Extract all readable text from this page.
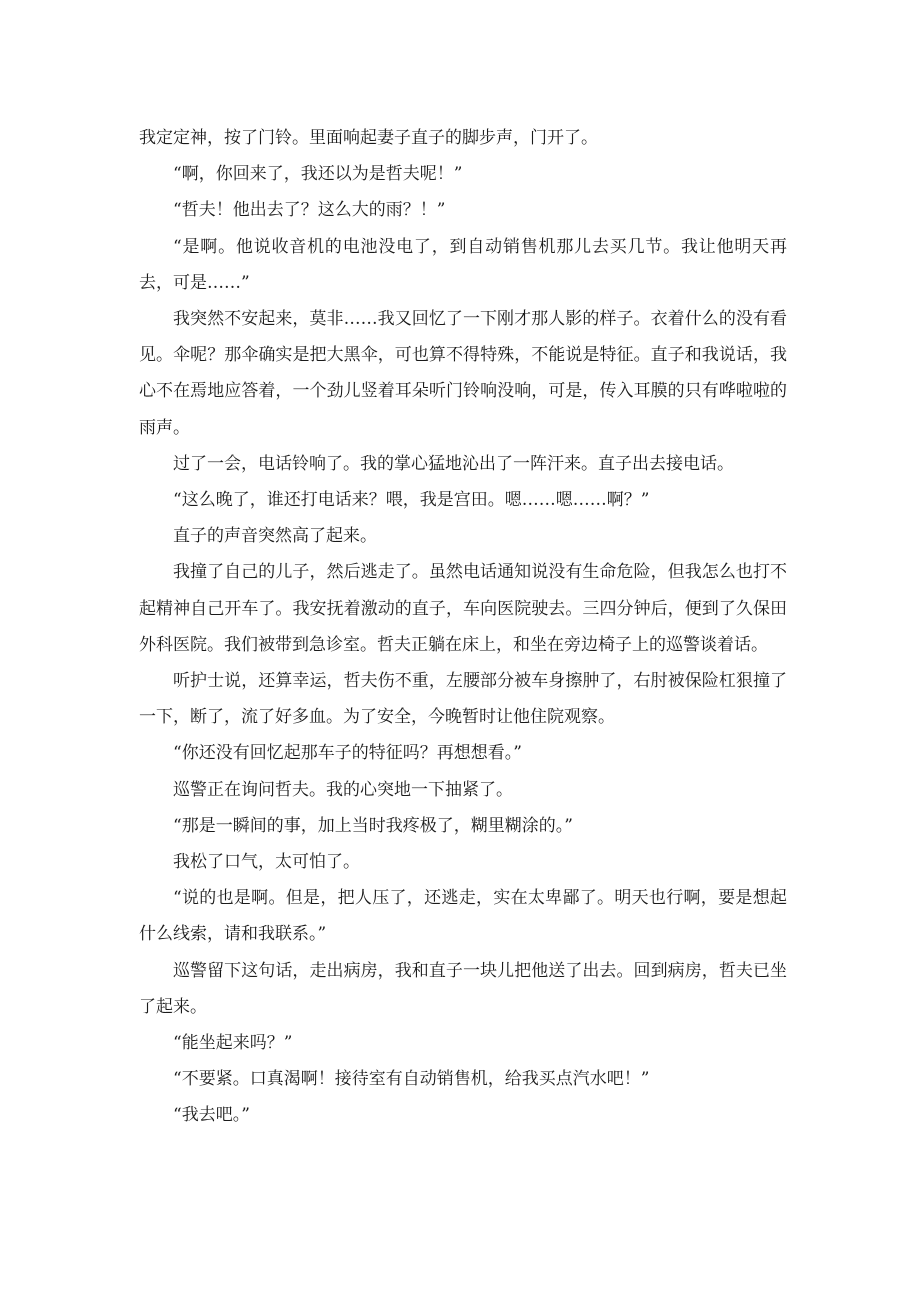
我定定神，按了门铃。里面响起妻子直子的脚步声，门开了。

“啊，你回来了，我还以为是哲夫呢！”

“哲夫！他出去了？这么大的雨？！”

“是啊。他说收音机的电池没电了，到自动销售机那儿去买几节。我让他明天再去，可是……”

我突然不安起来，莫非……我又回忆了一下刚才那人影的样子。衣着什么的没有看见。伞呢？那伞确实是把大黑伞，可也算不得特殊，不能说是特征。直子和我说话，我心不在焉地应答着，一个劲儿竖着耳朵听门铃响没响，可是，传入耳膜的只有哗啦啦的雨声。

过了一会，电话铃响了。我的掌心猛地沁出了一阵汗来。直子出去接电话。

“这么晚了，谁还打电话来？喂，我是宫田。嗯……嗯……啊？”

直子的声音突然高了起来。

我撞了自己的儿子，然后逃走了。虽然电话通知说没有生命危险，但我怎么也打不起精神自己开车了。我安抚着激动的直子，车向医院驶去。三四分钟后，便到了久保田外科医院。我们被带到急诊室。哲夫正躺在床上，和坐在旁边椅子上的巡警谈着话。

听护士说，还算幸运，哲夫伤不重，左腰部分被车身擦肿了，右肘被保险杠狠撞了一下，断了，流了好多血。为了安全，今晚暂时让他住院观察。

“你还没有回忆起那车子的特征吗？再想想看。”

巡警正在询问哲夫。我的心突地一下抽紧了。

“那是一瞬间的事，加上当时我疼极了，糊里糊涂的。”

我松了口气，太可怕了。

“说的也是啊。但是，把人压了，还逃走，实在太卑鄙了。明天也行啊，要是想起什么线索，请和我联系。”

巡警留下这句话，走出病房，我和直子一块儿把他送了出去。回到病房，哲夫已坐了起来。

“能坐起来吗？”

“不要紧。口真渴啊！接待室有自动销售机，给我买点汽水吧！”

“我去吧。”
